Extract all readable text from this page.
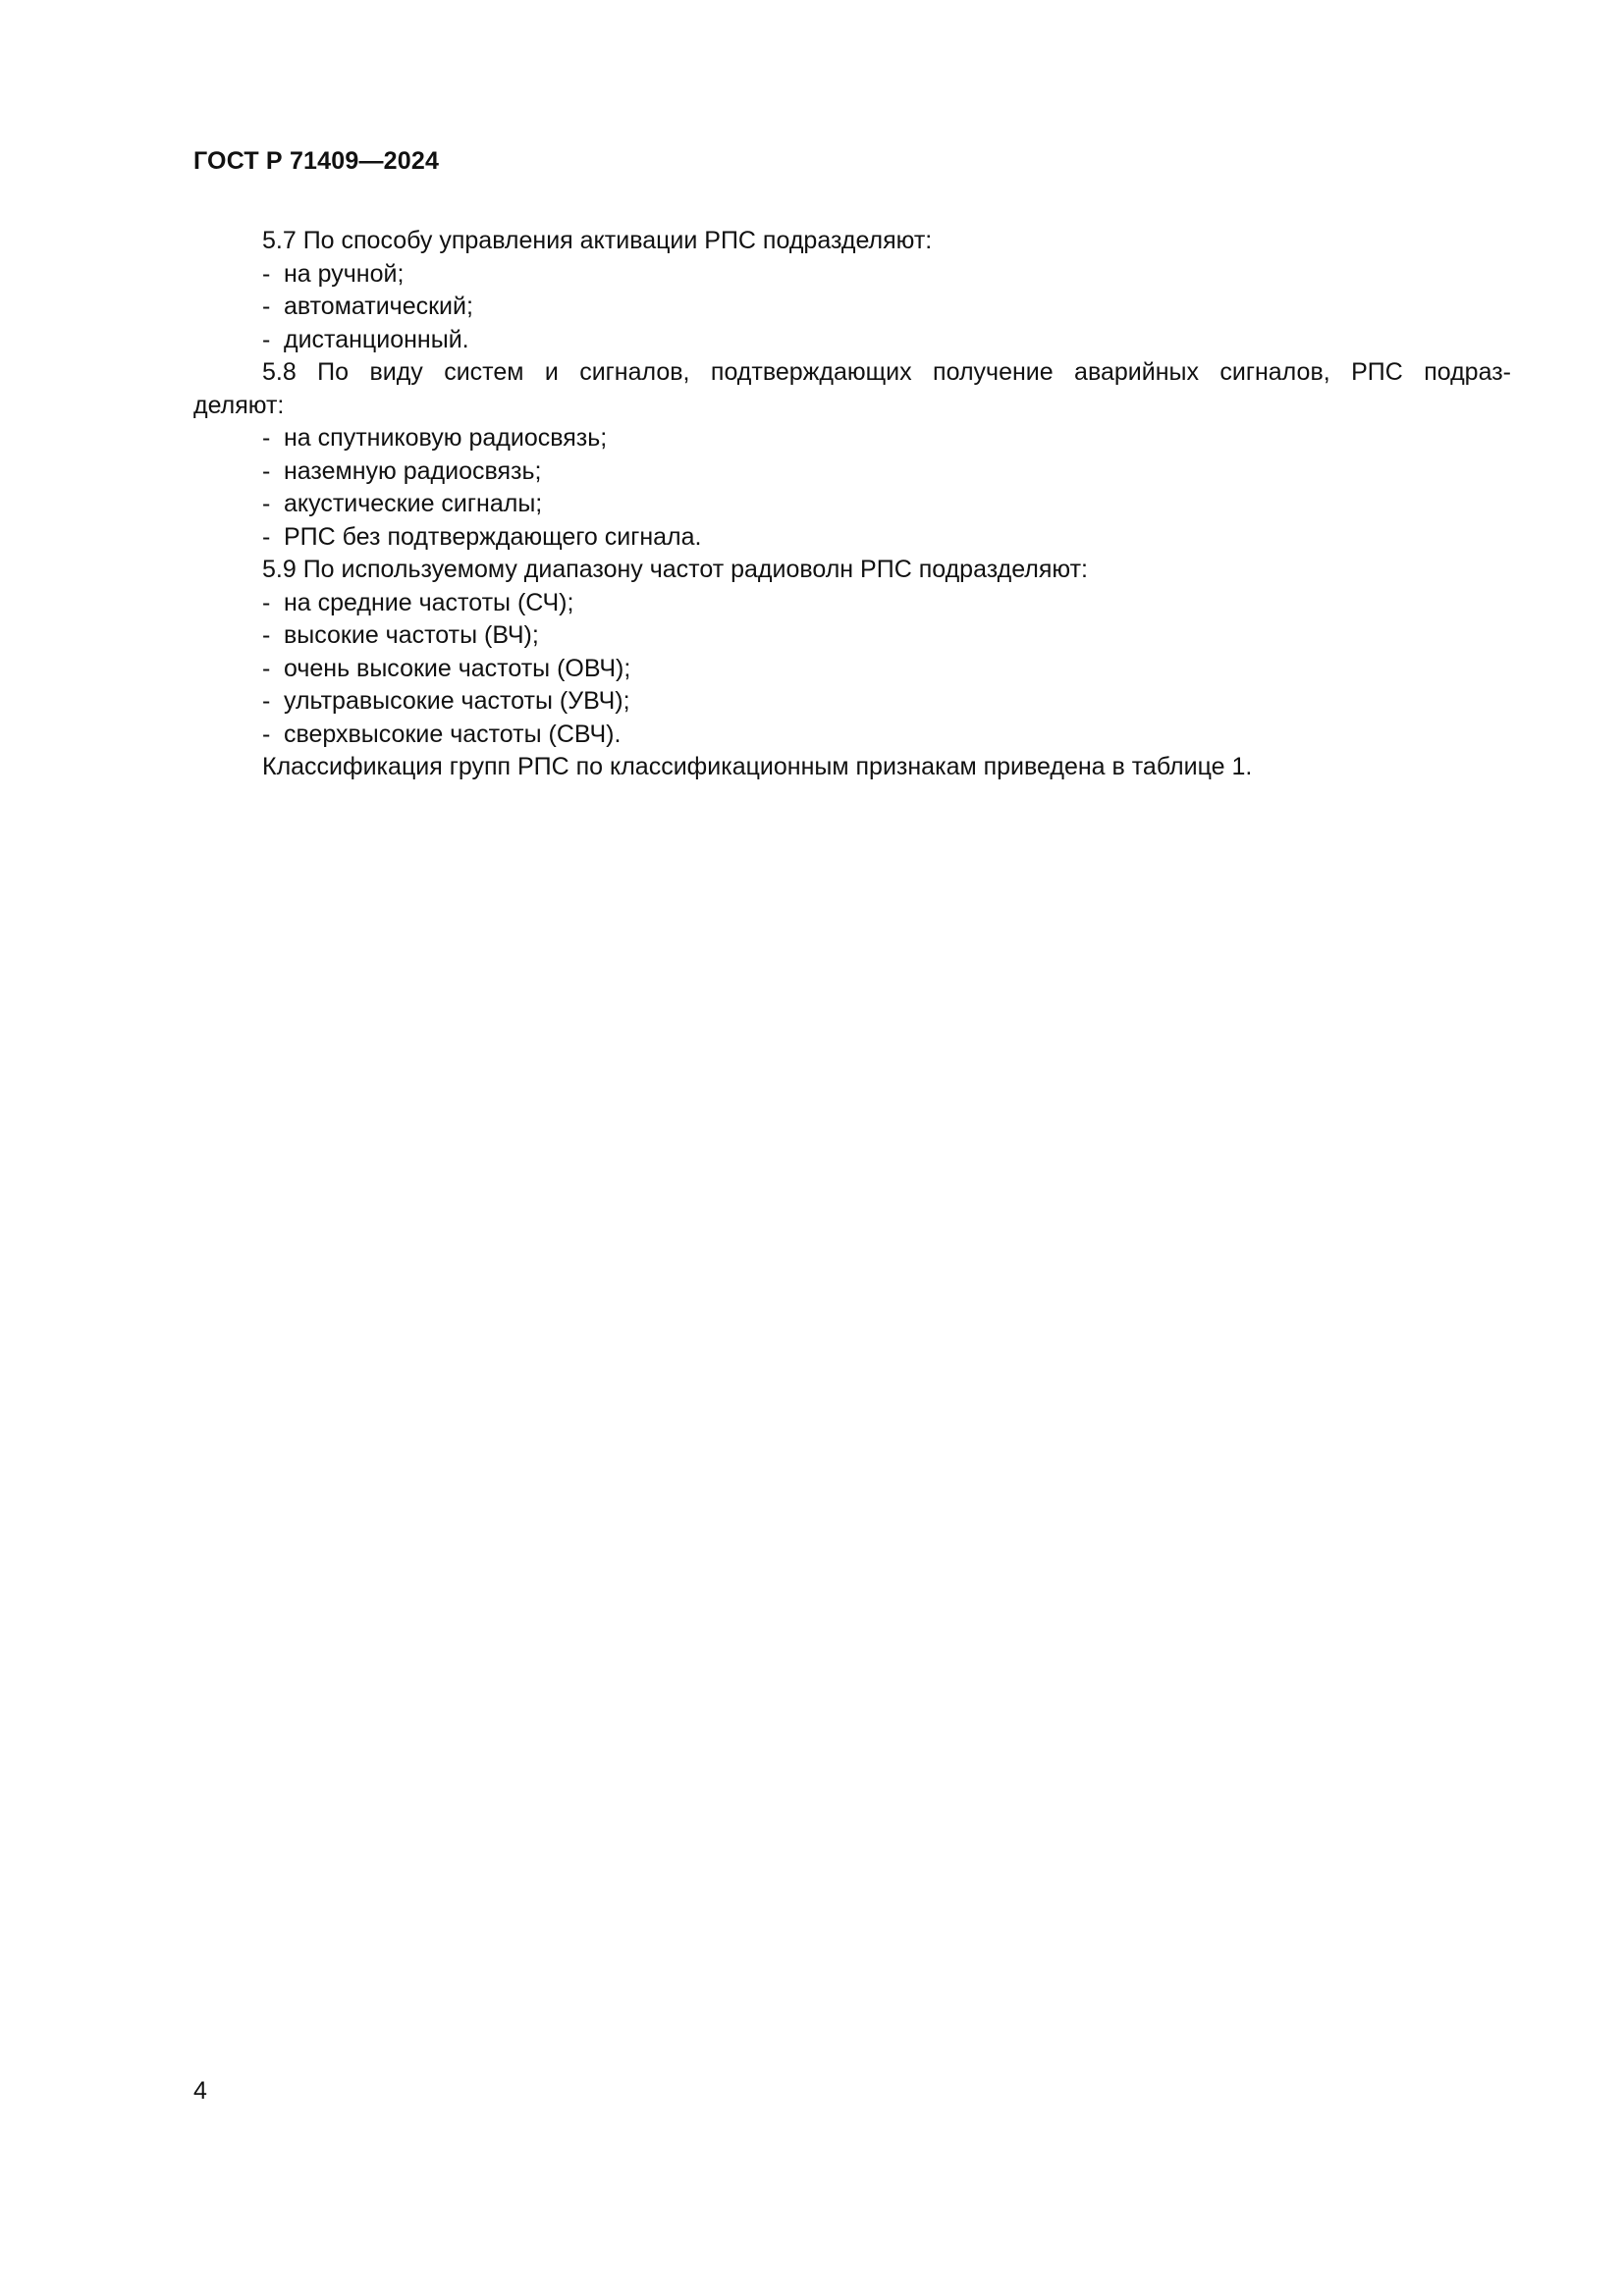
ГОСТ Р 71409—2024
5.7 По способу управления активации РПС подразделяют:
- на ручной;
- автоматический;
- дистанционный.
5.8 По виду систем и сигналов, подтверждающих получение аварийных сигналов, РПС подраз-
деляют:
- на спутниковую радиосвязь;
- наземную радиосвязь;
- акустические сигналы;
- РПС без подтверждающего сигнала.
5.9 По используемому диапазону частот радиоволн РПС подразделяют:
- на средние частоты (СЧ);
- высокие частоты (ВЧ);
- очень высокие частоты (ОВЧ);
- ультравысокие частоты (УВЧ);
- сверхвысокие частоты (СВЧ).
Классификация групп РПС по классификационным признакам приведена в таблице 1.
4
